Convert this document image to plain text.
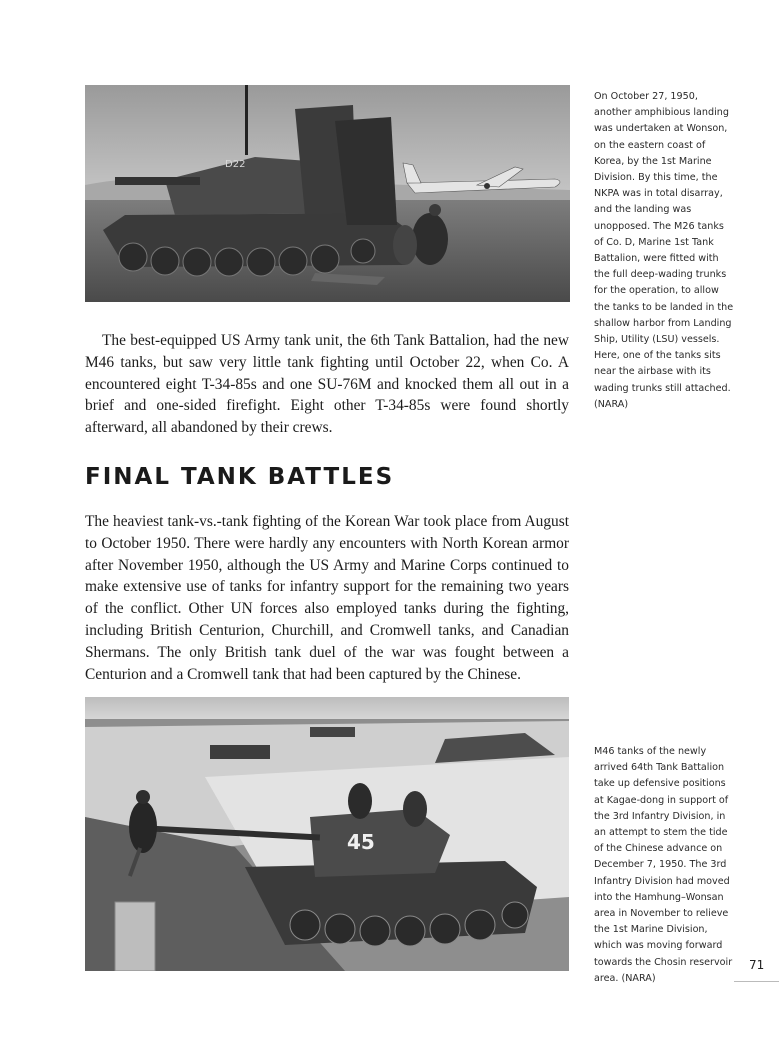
D22
On October 27, 1950, another amphibious landing was undertaken at Wonson, on the eastern coast of Korea, by the 1st Marine Division. By this time, the NKPA was in total disarray, and the landing was unopposed. The M26 tanks of Co. D, Marine 1st Tank Battalion, were fitted with the full deep-wading trunks for the operation, to allow the tanks to be landed in the shallow harbor from Landing Ship, Utility (LSU) vessels. Here, one of the tanks sits near the airbase with its wading trunks still attached. (NARA)

The best-equipped US Army tank unit, the 6th Tank Battalion, had the new M46 tanks, but saw very little tank fighting until October 22, when Co. A encountered eight T-34-85s and one SU-76M and knocked them all out in a brief and one-sided firefight. Eight other T-34-85s were found shortly afterward, all abandoned by their crews.

FINAL TANK BATTLES

The heaviest tank-vs.-tank fighting of the Korean War took place from August to October 1950. There were hardly any encounters with North Korean armor after November 1950, although the US Army and Marine Corps continued to make extensive use of tanks for infantry support for the remaining two years of the conflict. Other UN forces also employed tanks during the fighting, including British Centurion, Churchill, and Cromwell tanks, and Canadian Shermans. The only British tank duel of the war was fought between a Centurion and a Cromwell tank that had been captured by the Chinese.

45
M46 tanks of the newly arrived 64th Tank Battalion take up defensive positions at Kagae-dong in support of the 3rd Infantry Division, in an attempt to stem the tide of the Chinese advance on December 7, 1950. The 3rd Infantry Division had moved into the Hamhung–Wonsan area in November to relieve the 1st Marine Division, which was moving forward towards the Chosin reservoir area. (NARA)
71
